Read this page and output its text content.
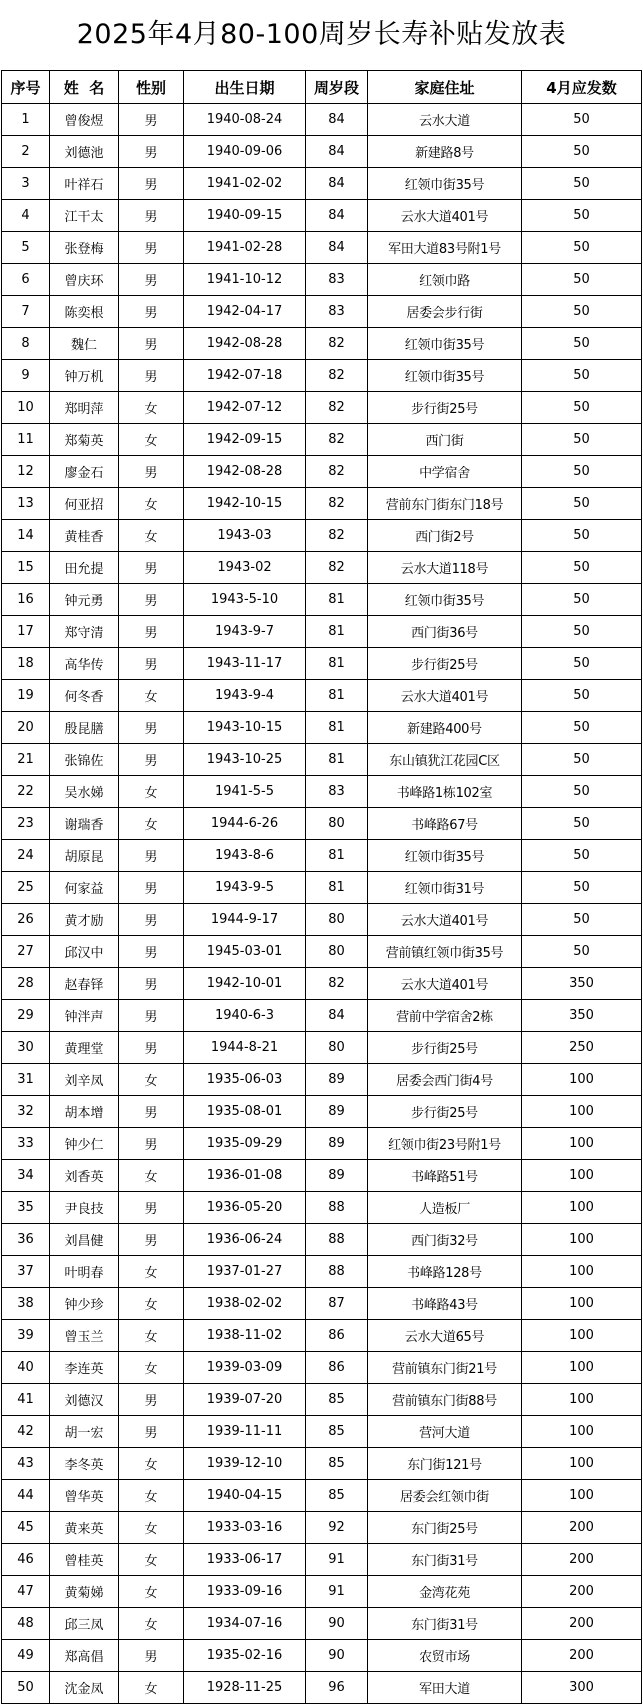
2025年4月80-100周岁长寿补贴发放表
序号	姓  名	性别	出生日期	周岁段	家庭住址	4月应发数
1	曾俊煜	男	1940-08-24	84	云水大道	50
2	刘德池	男	1940-09-06	84	新建路8号	50
3	叶祥石	男	1941-02-02	84	红领巾街35号	50
4	江干太	男	1940-09-15	84	云水大道401号	50
5	张登梅	男	1941-02-28	84	军田大道83号附1号	50
6	曾庆环	男	1941-10-12	83	红领巾路	50
7	陈奕根	男	1942-04-17	83	居委会步行街	50
8	魏仁	男	1942-08-28	82	红领巾街35号	50
9	钟万机	男	1942-07-18	82	红领巾街35号	50
10	郑明萍	女	1942-07-12	82	步行街25号	50
11	郑菊英	女	1942-09-15	82	西门街	50
12	廖金石	男	1942-08-28	82	中学宿舍	50
13	何亚招	女	1942-10-15	82	营前东门街东门18号	50
14	黄桂香	女	1943-03	82	西门街2号	50
15	田允提	男	1943-02	82	云水大道118号	50
16	钟元勇	男	1943-5-10	81	红领巾街35号	50
17	郑守清	男	1943-9-7	81	西门街36号	50
18	高华传	男	1943-11-17	81	步行街25号	50
19	何冬香	女	1943-9-4	81	云水大道401号	50
20	殷昆膳	男	1943-10-15	81	新建路400号	50
21	张锦佐	男	1943-10-25	81	东山镇犹江花园C区	50
22	吴水娣	女	1941-5-5	83	书峰路1栋102室	50
23	谢瑞香	女	1944-6-26	80	书峰路67号	50
24	胡原昆	男	1943-8-6	81	红领巾街35号	50
25	何家益	男	1943-9-5	81	红领巾街31号	50
26	黄才励	男	1944-9-17	80	云水大道401号	50
27	邱汉中	男	1945-03-01	80	营前镇红领巾街35号	50
28	赵春铎	男	1942-10-01	82	云水大道401号	350
29	钟泮声	男	1940-6-3	84	营前中学宿舍2栋	350
30	黄理堂	男	1944-8-21	80	步行街25号	250
31	刘辛凤	女	1935-06-03	89	居委会西门街4号	100
32	胡本增	男	1935-08-01	89	步行街25号	100
33	钟少仁	男	1935-09-29	89	红领巾街23号附1号	100
34	刘香英	女	1936-01-08	89	书峰路51号	100
35	尹良技	男	1936-05-20	88	人造板厂	100
36	刘昌健	男	1936-06-24	88	西门街32号	100
37	叶明春	女	1937-01-27	88	书峰路128号	100
38	钟少珍	女	1938-02-02	87	书峰路43号	100
39	曾玉兰	女	1938-11-02	86	云水大道65号	100
40	李连英	女	1939-03-09	86	营前镇东门街21号	100
41	刘德汉	男	1939-07-20	85	营前镇东门街88号	100
42	胡一宏	男	1939-11-11	85	营河大道	100
43	李冬英	女	1939-12-10	85	东门街121号	100
44	曾华英	女	1940-04-15	85	居委会红领巾街	100
45	黄来英	女	1933-03-16	92	东门街25号	200
46	曾桂英	女	1933-06-17	91	东门街31号	200
47	黄菊娣	女	1933-09-16	91	金湾花苑	200
48	邱三凤	女	1934-07-16	90	东门街31号	200
49	郑高倡	男	1935-02-16	90	农贸市场	200
50	沈金凤	女	1928-11-25	96	军田大道	300
